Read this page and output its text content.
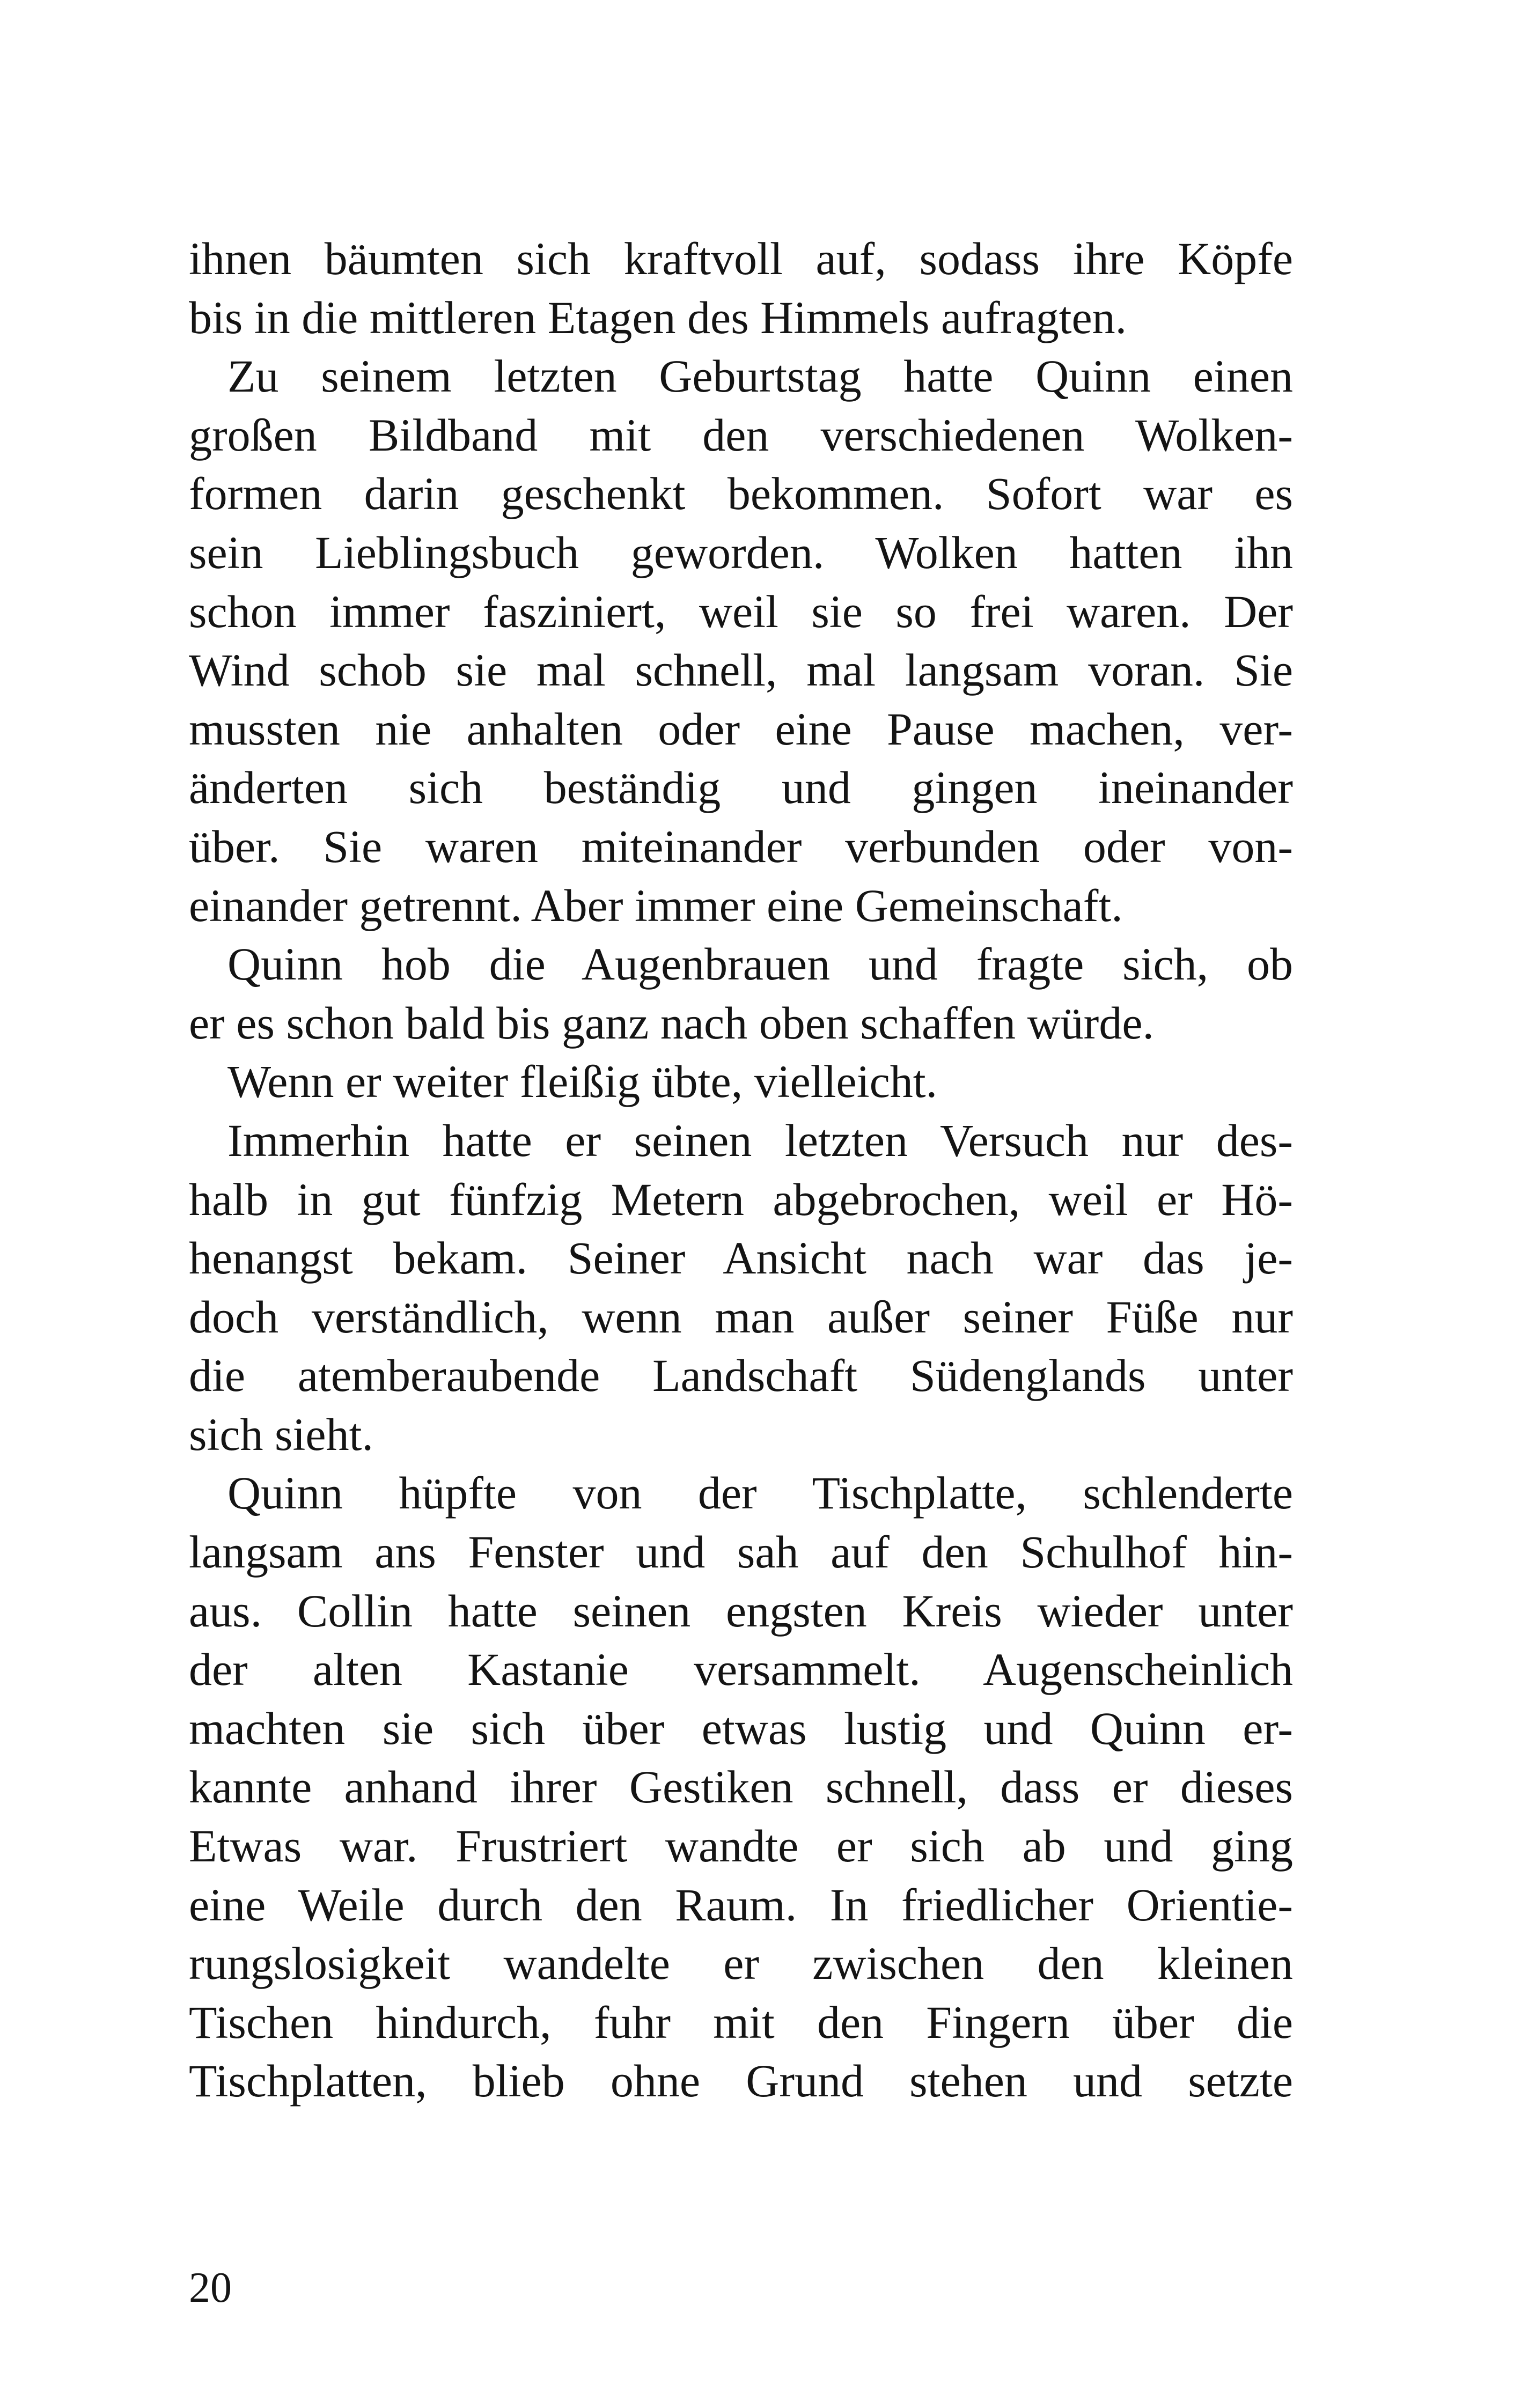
ihnen bäumten sich kraftvoll auf, sodass ihre Köpfe
bis in die mittleren Etagen des Himmels aufragten.
Zu seinem letzten Geburtstag hatte Quinn einen
großen Bildband mit den verschiedenen Wolken-
formen darin geschenkt bekommen. Sofort war es
sein Lieblingsbuch geworden. Wolken hatten ihn
schon immer fasziniert, weil sie so frei waren. Der
Wind schob sie mal schnell, mal langsam voran. Sie
mussten nie anhalten oder eine Pause machen, ver-
änderten sich beständig und gingen ineinander
über. Sie waren miteinander verbunden oder von-
einander getrennt. Aber immer eine Gemeinschaft.
Quinn hob die Augenbrauen und fragte sich, ob
er es schon bald bis ganz nach oben schaffen würde.
Wenn er weiter fleißig übte, vielleicht.
Immerhin hatte er seinen letzten Versuch nur des-
halb in gut fünfzig Metern abgebrochen, weil er Hö-
henangst bekam. Seiner Ansicht nach war das je-
doch verständlich, wenn man außer seiner Füße nur
die atemberaubende Landschaft Südenglands unter
sich sieht.
Quinn hüpfte von der Tischplatte, schlenderte
langsam ans Fenster und sah auf den Schulhof hin-
aus. Collin hatte seinen engsten Kreis wieder unter
der alten Kastanie versammelt. Augenscheinlich
machten sie sich über etwas lustig und Quinn er-
kannte anhand ihrer Gestiken schnell, dass er dieses
Etwas war. Frustriert wandte er sich ab und ging
eine Weile durch den Raum. In friedlicher Orientie-
rungslosigkeit wandelte er zwischen den kleinen
Tischen hindurch, fuhr mit den Fingern über die
Tischplatten, blieb ohne Grund stehen und setzte
20
